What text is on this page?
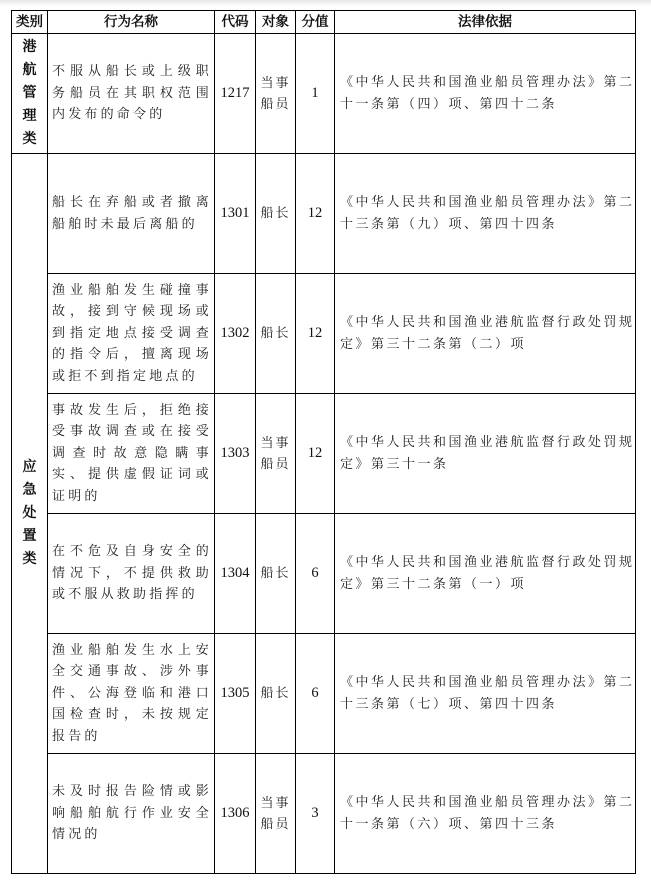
类别	行为名称	代码	对象	分值	法律依据
港航管理类	不服从船长或上级职务船员在其职权范围内发布的命令的	1217	当事船员	1	《中华人民共和国渔业船员管理办法》第二十一条第（四）项、第四十二条
应急处置类	船长在弃船或者撤离船舶时未最后离船的	1301	船长	12	《中华人民共和国渔业船员管理办法》第二十三条第（九）项、第四十四条
	渔业船舶发生碰撞事故，接到守候现场或到指定地点接受调查的指令后，擅离现场或拒不到指定地点的	1302	船长	12	《中华人民共和国渔业港航监督行政处罚规定》第三十二条第（二）项
	事故发生后，拒绝接受事故调查或在接受调查时故意隐瞒事实、提供虚假证词或证明的	1303	当事船员	12	《中华人民共和国渔业港航监督行政处罚规定》第三十一条
	在不危及自身安全的情况下，不提供救助或不服从救助指挥的	1304	船长	6	《中华人民共和国渔业港航监督行政处罚规定》第三十二条第（一）项
	渔业船舶发生水上安全交通事故、涉外事件、公海登临和港口国检查时，未按规定报告的	1305	船长	6	《中华人民共和国渔业船员管理办法》第二十三条第（七）项、第四十四条
	未及时报告险情或影响船舶航行作业安全情况的	1306	当事船员	3	《中华人民共和国渔业船员管理办法》第二十一条第（六）项、第四十三条
